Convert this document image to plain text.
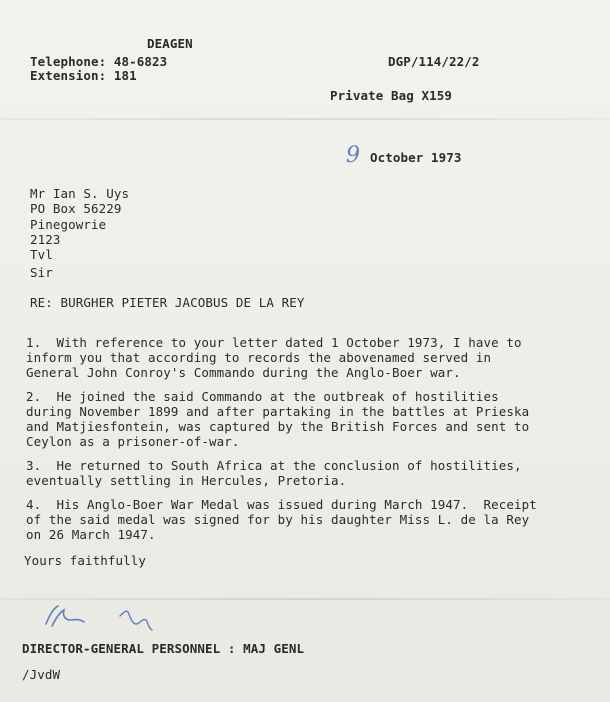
DEAGEN
Telephone: 48-6823
Extension: 181
DGP/114/22/2
Private Bag X159
9 October 1973
Mr Ian S. Uys
PO Box 56229
Pinegowrie
2123
Tvl
Sir
RE: BURGHER PIETER JACOBUS DE LA REY
1.  With reference to your letter dated 1 October 1973, I have to
inform you that according to records the abovenamed served in
General John Conroy's Commando during the Anglo-Boer war.
2.  He joined the said Commando at the outbreak of hostilities
during November 1899 and after partaking in the battles at Prieska
and Matjiesfontein, was captured by the British Forces and sent to
Ceylon as a prisoner-of-war.
3.  He returned to South Africa at the conclusion of hostilities,
eventually settling in Hercules, Pretoria.
4.  His Anglo-Boer War Medal was issued during March 1947.  Receipt
of the said medal was signed for by his daughter Miss L. de la Rey
on 26 March 1947.
Yours faithfully
DIRECTOR-GENERAL PERSONNEL : MAJ GENL
/JvdW
